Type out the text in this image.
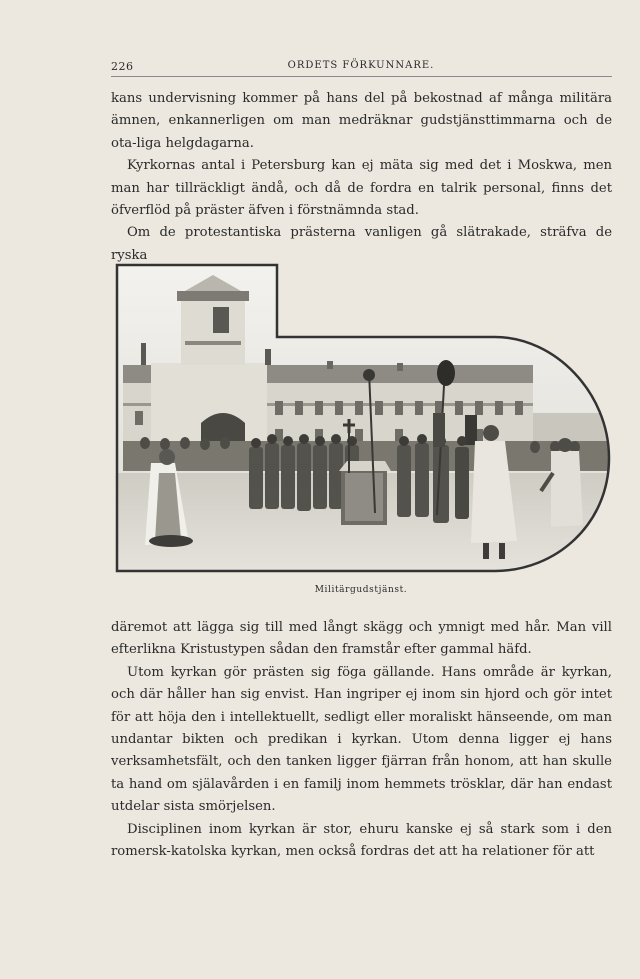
226	ORDETS FÖRKUNNARE.

kans undervisning kommer på hans del på bekostnad af många militära ämnen, enkannerligen om man medräknar gudstjänsttimmarna och de ota-liga helgdagarna.

Kyrkornas antal i Petersburg kan ej mäta sig med det i Moskwa, men man har tillräckligt ändå, och då de fordra en talrik personal, finns det öfverflöd på präster äfven i förstnämnda stad.

Om de protestantiska prästerna vanligen gå slätrakade, sträfva de ryska

Militärgudstjänst.

däremot att lägga sig till med långt skägg och ymnigt med hår. Man vill efterlikna Kristustypen sådan den framstår efter gammal häfd.

Utom kyrkan gör prästen sig föga gällande. Hans område är kyrkan, och där håller han sig envist. Han ingriper ej inom sin hjord och gör intet för att höja den i intellektuellt, sedligt eller moraliskt hänseende, om man undantar bikten och predikan i kyrkan. Utom denna ligger ej hans verksamhetsfält, och den tanken ligger fjärran från honom, att han skulle ta hand om själavården i en familj inom hemmets trösklar, där han endast utdelar sista smörjelsen.

Disciplinen inom kyrkan är stor, ehuru kanske ej så stark som i den romersk-katolska kyrkan, men också fordras det att ha relationer för att
